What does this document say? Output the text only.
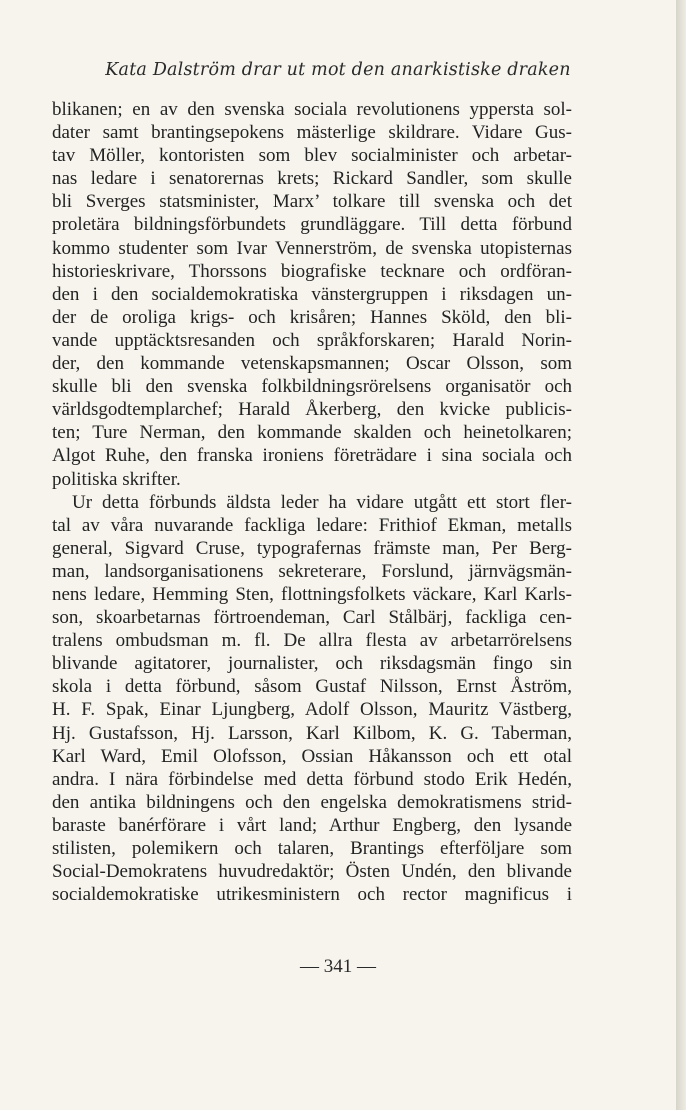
Kata Dalström drar ut mot den anarkistiske draken

blikanen; en av den svenska sociala revolutionens yppersta sol-
dater samt brantingsepokens mästerlige skildrare. Vidare Gus-
tav Möller, kontoristen som blev socialminister och arbetar-
nas ledare i senatorernas krets; Rickard Sandler, som skulle
bli Sverges statsminister, Marx’ tolkare till svenska och det
proletära bildningsförbundets grundläggare. Till detta förbund
kommo studenter som Ivar Vennerström, de svenska utopisternas
historieskrivare, Thorssons biografiske tecknare och ordföran-
den i den socialdemokratiska vänstergruppen i riksdagen un-
der de oroliga krigs- och krisåren; Hannes Sköld, den bli-
vande upptäcktsresanden och språkforskaren; Harald Norin-
der, den kommande vetenskapsmannen; Oscar Olsson, som
skulle bli den svenska folkbildningsrörelsens organisatör och
världsgodtemplarchef; Harald Åkerberg, den kvicke publicis-
ten; Ture Nerman, den kommande skalden och heinetolkaren;
Algot Ruhe, den franska ironiens företrädare i sina sociala och
politiska skrifter.

Ur detta förbunds äldsta leder ha vidare utgått ett stort fler-
tal av våra nuvarande fackliga ledare: Frithiof Ekman, metalls
general, Sigvard Cruse, typografernas främste man, Per Berg-
man, landsorganisationens sekreterare, Forslund, järnvägsmän-
nens ledare, Hemming Sten, flottningsfolkets väckare, Karl Karls-
son, skoarbetarnas förtroendeman, Carl Stålbärj, fackliga cen-
tralens ombudsman m. fl. De allra flesta av arbetarrörelsens
blivande agitatorer, journalister, och riksdagsmän fingo sin
skola i detta förbund, såsom Gustaf Nilsson, Ernst Åström,
H. F. Spak, Einar Ljungberg, Adolf Olsson, Mauritz Västberg,
Hj. Gustafsson, Hj. Larsson, Karl Kilbom, K. G. Taberman,
Karl Ward, Emil Olofsson, Ossian Håkansson och ett otal
andra. I nära förbindelse med detta förbund stodo Erik Hedén,
den antika bildningens och den engelska demokratismens strid-
baraste banérförare i vårt land; Arthur Engberg, den lysande
stilisten, polemikern och talaren, Brantings efterföljare som
Social-Demokratens huvudredaktör; Östen Undén, den blivande
socialdemokratiske utrikesministern och rector magnificus i

— 341 —
